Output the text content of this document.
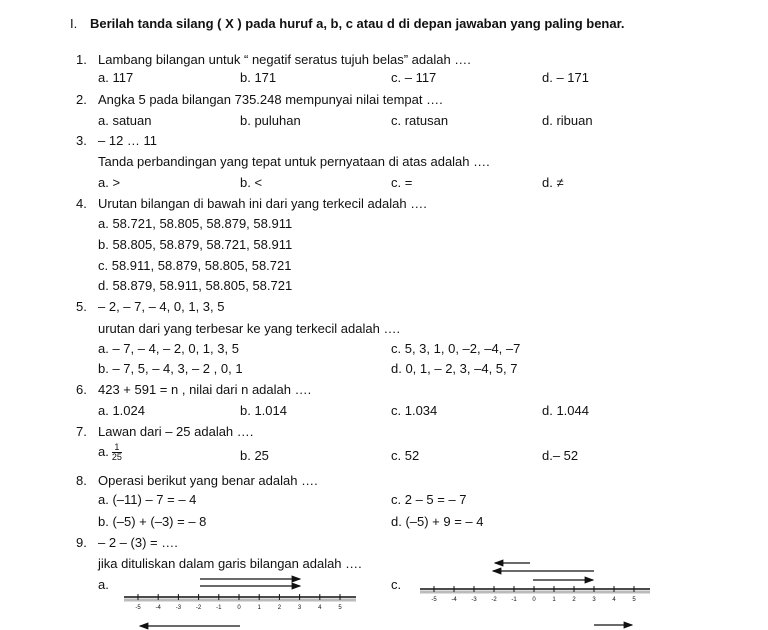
I. Berilah tanda silang ( X ) pada huruf a, b, c atau d di depan jawaban yang paling benar.
1. Lambang bilangan untuk “ negatif seratus tujuh belas” adalah ….
a. 117	b. 171	c. – 117	d. – 171
2. Angka 5 pada bilangan 735.248 mempunyai nilai tempat ….
a. satuan	b. puluhan	c. ratusan	d. ribuan
3. – 12 … 11
Tanda perbandingan yang tepat untuk pernyataan di atas adalah ….
a. >	b. <	c. =	d. ≠
4. Urutan bilangan di bawah ini dari yang terkecil adalah ….
a. 58.721, 58.805, 58.879, 58.911
b. 58.805, 58.879, 58.721, 58.911
c. 58.911, 58.879, 58.805, 58.721
d. 58.879, 58.911, 58.805, 58.721
5. – 2, – 7, – 4, 0, 1, 3, 5
urutan dari yang terbesar ke yang terkecil adalah ….
a. – 7, – 4, – 2, 0, 1, 3, 5	c. 5, 3, 1, 0, –2, –4, –7
b. – 7, 5, – 4, 3, – 2 , 0, 1	d. 0, 1, – 2, 3, –4, 5, 7
6. 423 + 591 = n , nilai dari n adalah ….
a. 1.024	b. 1.014	c. 1.034	d. 1.044
7. Lawan dari – 25 adalah ….
a. $\frac{1}{25}$	b. 25	c. 52	d.– 52
8. Operasi berikut yang benar adalah ….
a. (–11) – 7 = – 4	c. 2 – 5 = – 7
b. (–5) + (–3) = – 8	d. (–5) + 9 = – 4
9. – 2 – (3) = ….
jika dituliskan dalam garis bilangan adalah ….
a.	c.
-5 -4 -3 -2 -1	0	1	2	3	4	5
-5 -4 -3 -2 -1	0	1	2	3	4	5
